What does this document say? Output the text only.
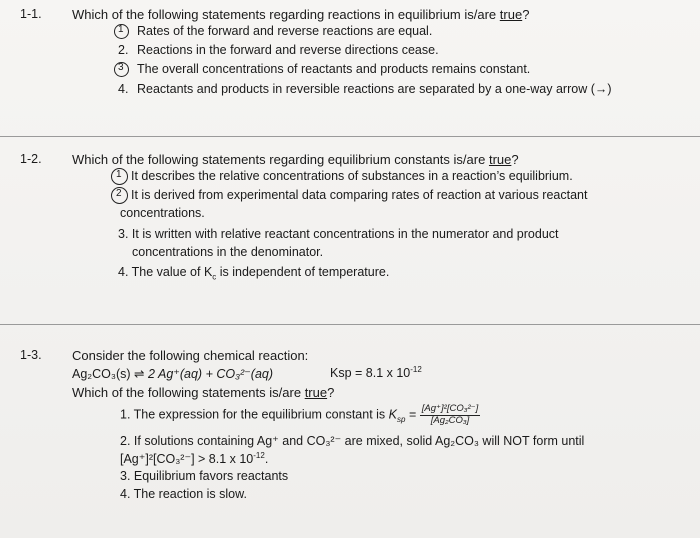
1-1. Which of the following statements regarding reactions in equilibrium is/are true?
1 Rates of the forward and reverse reactions are equal.
2. Reactions in the forward and reverse directions cease.
3 The overall concentrations of reactants and products remains constant.
4. Reactants and products in reversible reactions are separated by a one-way arrow (→)
1-2. Which of the following statements regarding equilibrium constants is/are true?
1 It describes the relative concentrations of substances in a reaction’s equilibrium.
2 It is derived from experimental data comparing rates of reaction at various reactant
concentrations.
3. It is written with relative reactant concentrations in the numerator and product
concentrations in the denominator.
4. The value of $K_c$ is independent of temperature.
1-3. Consider the following chemical reaction:
Ag₂CO₃(s) ⇌ 2 Ag⁺(aq) + CO₃²⁻(aq)	Ksp = 8.1 x $10^{-12}$
Which of the following statements is/are true?
1. The expression for the equilibrium constant is $K_{sp} = \frac{\text{[Ag⁺]²[CO₃²⁻]}}{\text{[Ag₂CO₃]}}$
2. If solutions containing Ag⁺ and CO₃²⁻ are mixed, solid Ag₂CO₃ will NOT form until
[Ag⁺]²[CO₃²⁻] > 8.1 x $10^{-12}$.
3. Equilibrium favors reactants
4. The reaction is slow.
